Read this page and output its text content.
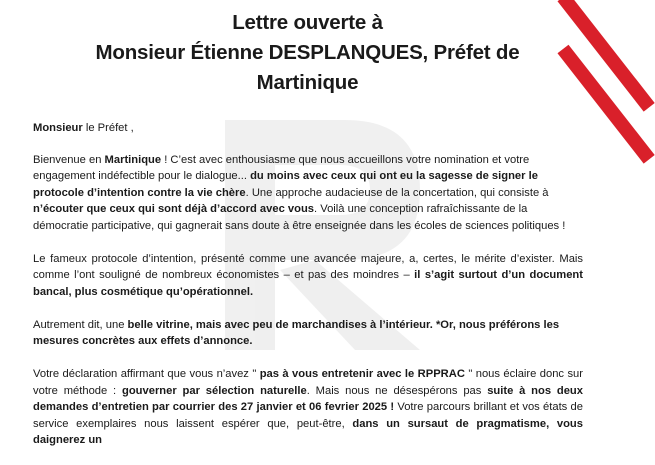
Lettre ouverte à
Monsieur Étienne DESPLANQUES, Préfet de
Martinique

Monsieur le Préfet ,

Bienvenue en Martinique ! C’est avec enthousiasme que nous accueillons votre nomination et votre engagement indéfectible pour le dialogue... du moins avec ceux qui ont eu la sagesse de signer le protocole d’intention contre la vie chère. Une approche audacieuse de la concertation, qui consiste à n’écouter que ceux qui sont déjà d’accord avec vous. Voilà une conception rafraîchissante de la démocratie participative, qui gagnerait sans doute à être enseignée dans les écoles de sciences politiques !

Le fameux protocole d’intention, présenté comme une avancée majeure, a, certes, le mérite d’exister. Mais comme l’ont souligné de nombreux économistes – et pas des moindres – il s’agit surtout d’un document bancal, plus cosmétique qu’opérationnel.

Autrement dit, une belle vitrine, mais avec peu de marchandises à l’intérieur. *Or, nous préférons les mesures concrètes aux effets d’annonce.

Votre déclaration affirmant que vous n’avez " pas à vous entretenir avec le RPPRAC " nous éclaire donc sur votre méthode : gouverner par sélection naturelle. Mais nous ne désespérons pas suite à nos deux demandes d’entretien par courrier des 27 janvier et 06 fevrier 2025 ! Votre parcours brillant et vos états de service exemplaires nous laissent espérer que, peut-être, dans un sursaut de pragmatisme, vous daignerez un
